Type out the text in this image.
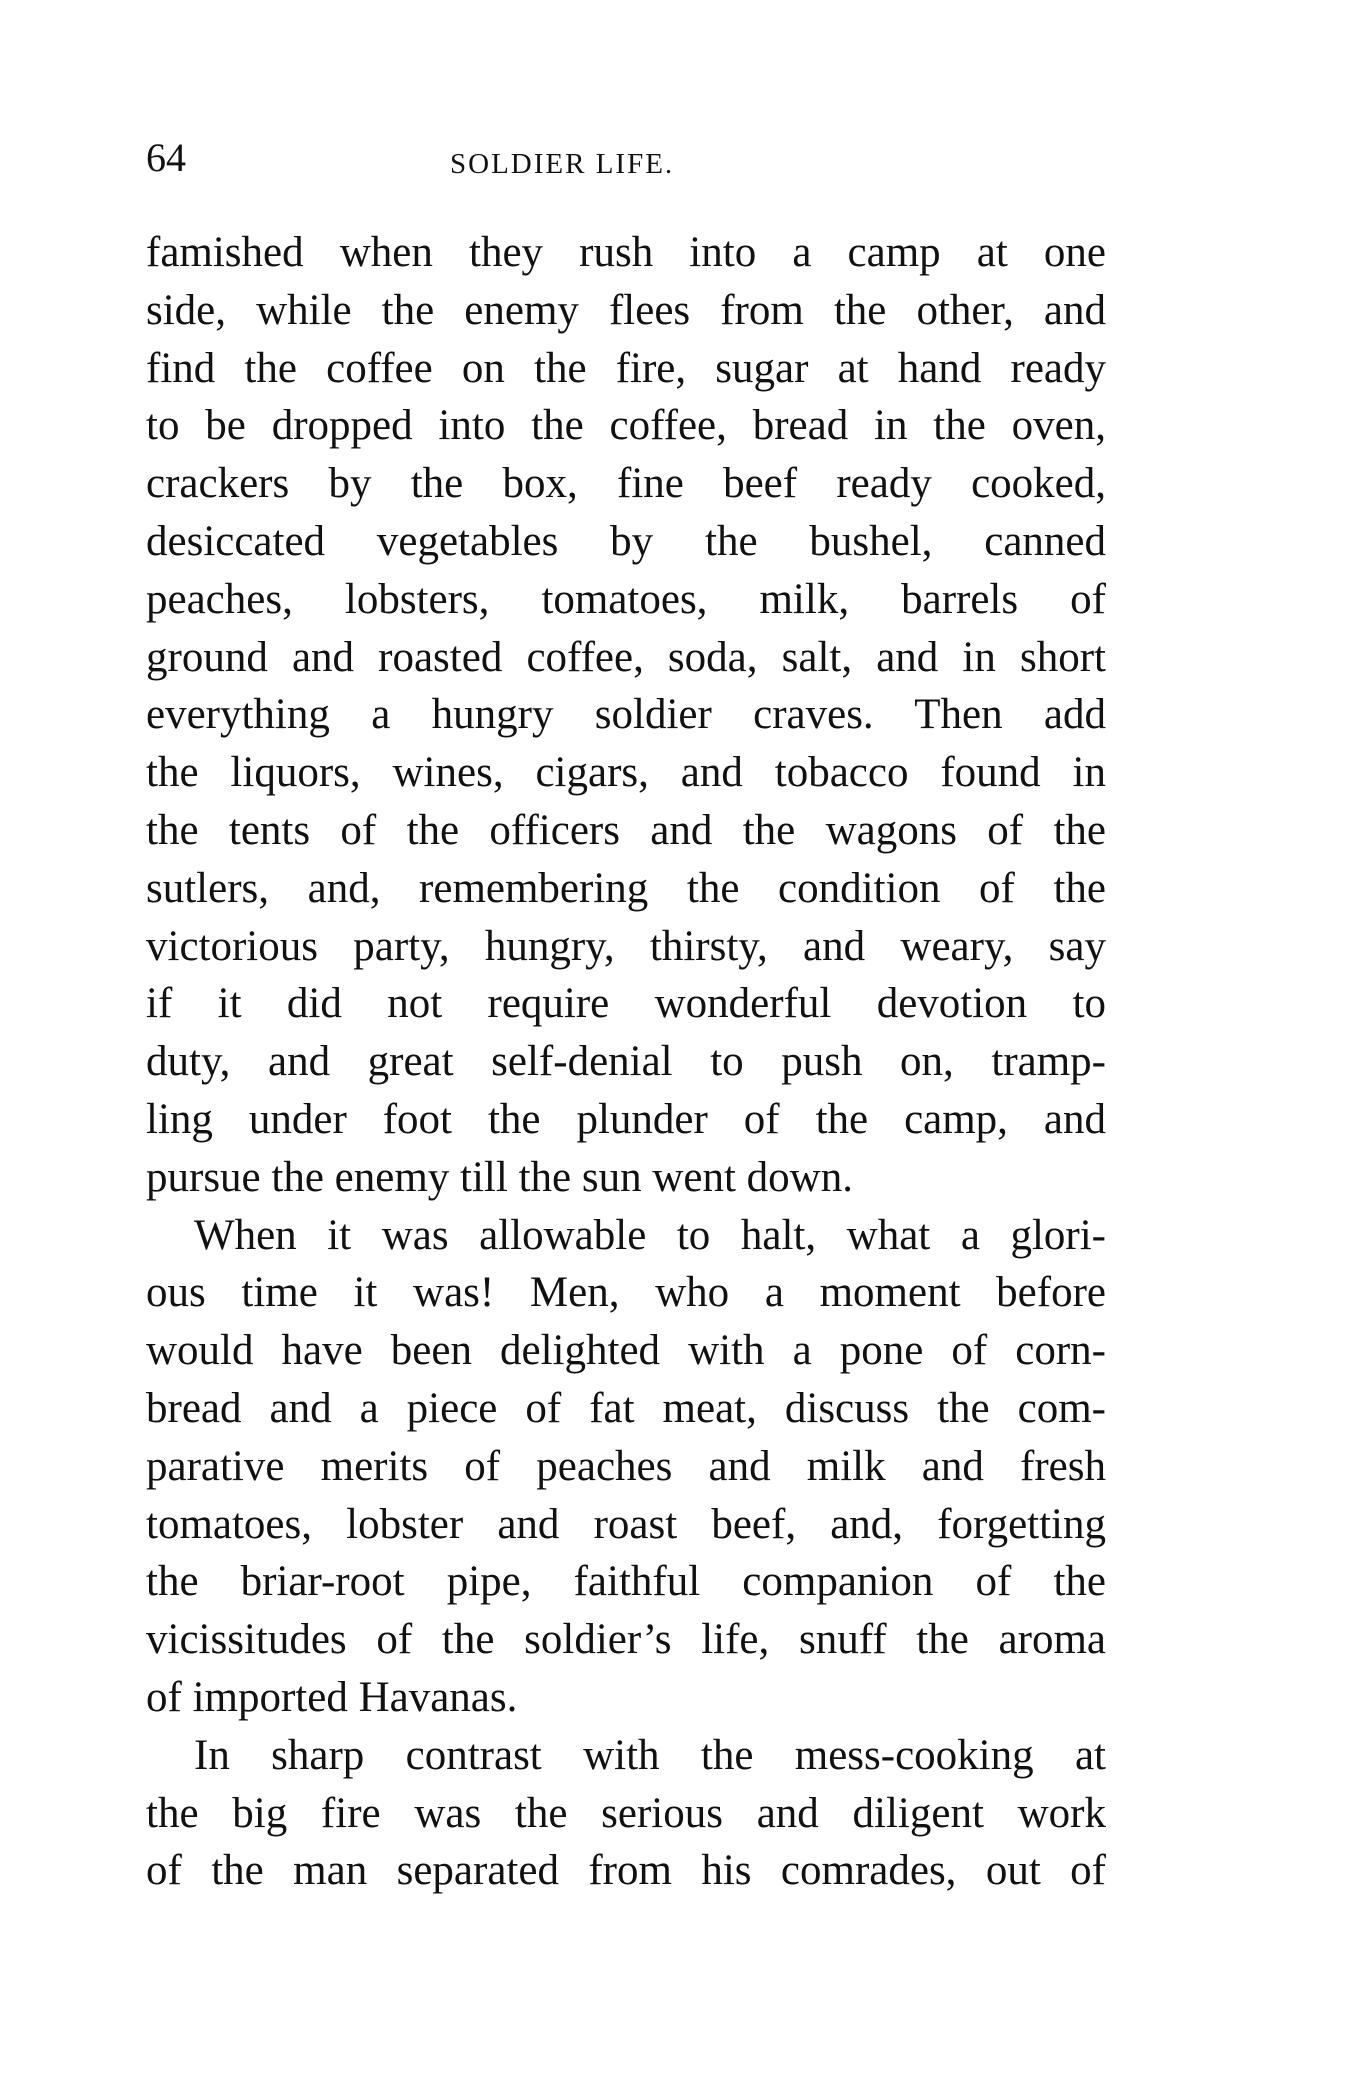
64	SOLDIER LIFE.
famished when they rush into a camp at one
side, while the enemy flees from the other, and
find the coffee on the fire, sugar at hand ready
to be dropped into the coffee, bread in the oven,
crackers by the box, fine beef ready cooked,
desiccated vegetables by the bushel, canned
peaches, lobsters, tomatoes, milk, barrels of
ground and roasted coffee, soda, salt, and in short
everything a hungry soldier craves. Then add
the liquors, wines, cigars, and tobacco found in
the tents of the officers and the wagons of the
sutlers, and, remembering the condition of the
victorious party, hungry, thirsty, and weary, say
if it did not require wonderful devotion to
duty, and great self-denial to push on, tramp-
ling under foot the plunder of the camp, and
pursue the enemy till the sun went down.
When it was allowable to halt, what a glori-
ous time it was! Men, who a moment before
would have been delighted with a pone of corn-
bread and a piece of fat meat, discuss the com-
parative merits of peaches and milk and fresh
tomatoes, lobster and roast beef, and, forgetting
the briar-root pipe, faithful companion of the
vicissitudes of the soldier’s life, snuff the aroma
of imported Havanas.
In sharp contrast with the mess-cooking at
the big fire was the serious and diligent work
of the man separated from his comrades, out of
